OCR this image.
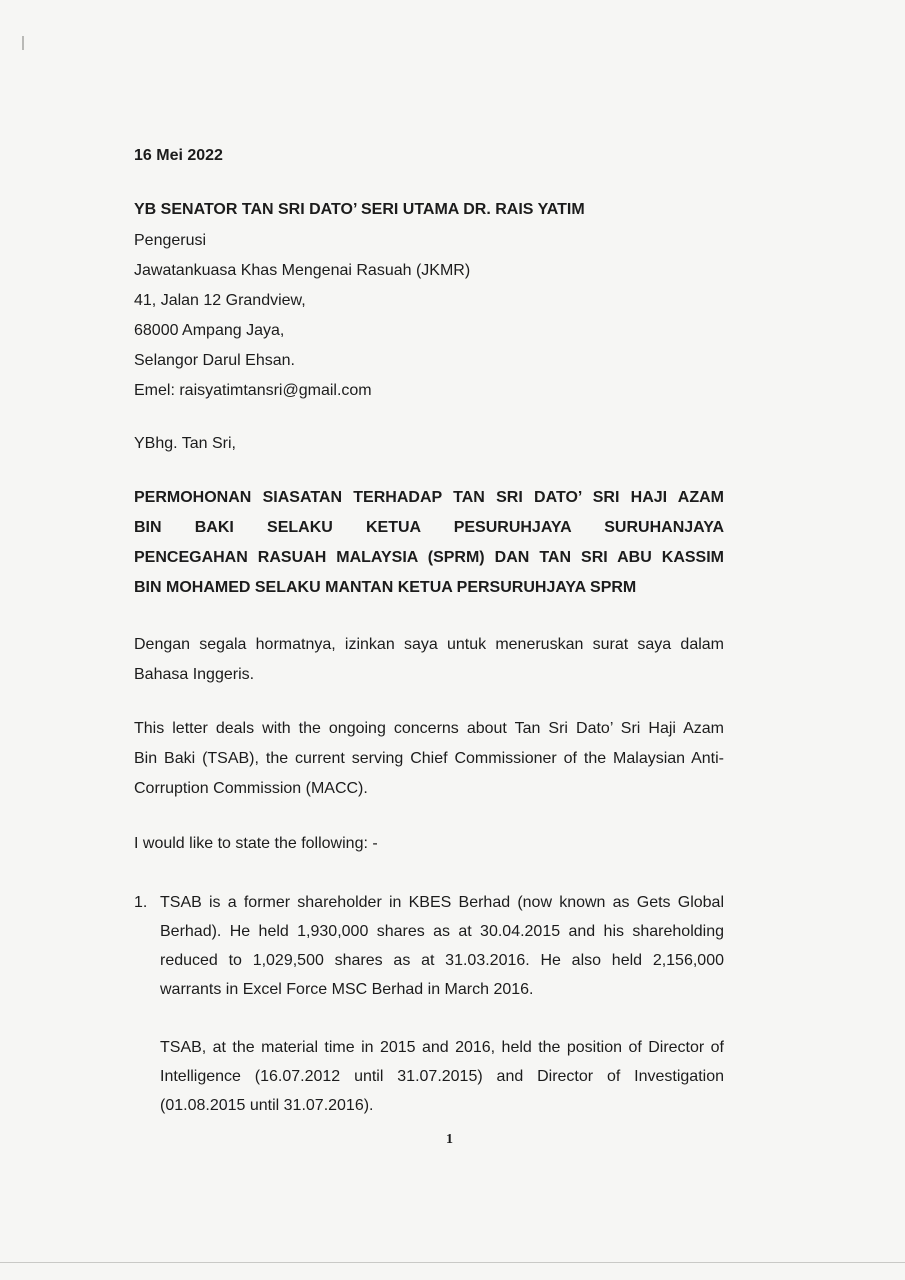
16 Mei 2022
YB SENATOR TAN SRI DATO’ SERI UTAMA DR. RAIS YATIM
Pengerusi
Jawatankuasa Khas Mengenai Rasuah (JKMR)
41, Jalan 12 Grandview,
68000 Ampang Jaya,
Selangor Darul Ehsan.
Emel: raisyatimtansri@gmail.com
YBhg. Tan Sri,
PERMOHONAN SIASATAN TERHADAP TAN SRI DATO’ SRI HAJI AZAM
BIN BAKI SELAKU KETUA PESURUHJAYA SURUHANJAYA
PENCEGAHAN RASUAH MALAYSIA (SPRM) DAN TAN SRI ABU KASSIM
BIN MOHAMED SELAKU MANTAN KETUA PERSURUHJAYA SPRM
Dengan segala hormatnya, izinkan saya untuk meneruskan surat saya dalam
Bahasa Inggeris.
This letter deals with the ongoing concerns about Tan Sri Dato’ Sri Haji Azam
Bin Baki (TSAB), the current serving Chief Commissioner of the Malaysian Anti-
Corruption Commission (MACC).
I would like to state the following: -
1. TSAB is a former shareholder in KBES Berhad (now known as Gets Global
Berhad). He held 1,930,000 shares as at 30.04.2015 and his shareholding
reduced to 1,029,500 shares as at 31.03.2016. He also held 2,156,000
warrants in Excel Force MSC Berhad in March 2016.
TSAB, at the material time in 2015 and 2016, held the position of Director of
Intelligence (16.07.2012 until 31.07.2015) and Director of Investigation
(01.08.2015 until 31.07.2016).
1
